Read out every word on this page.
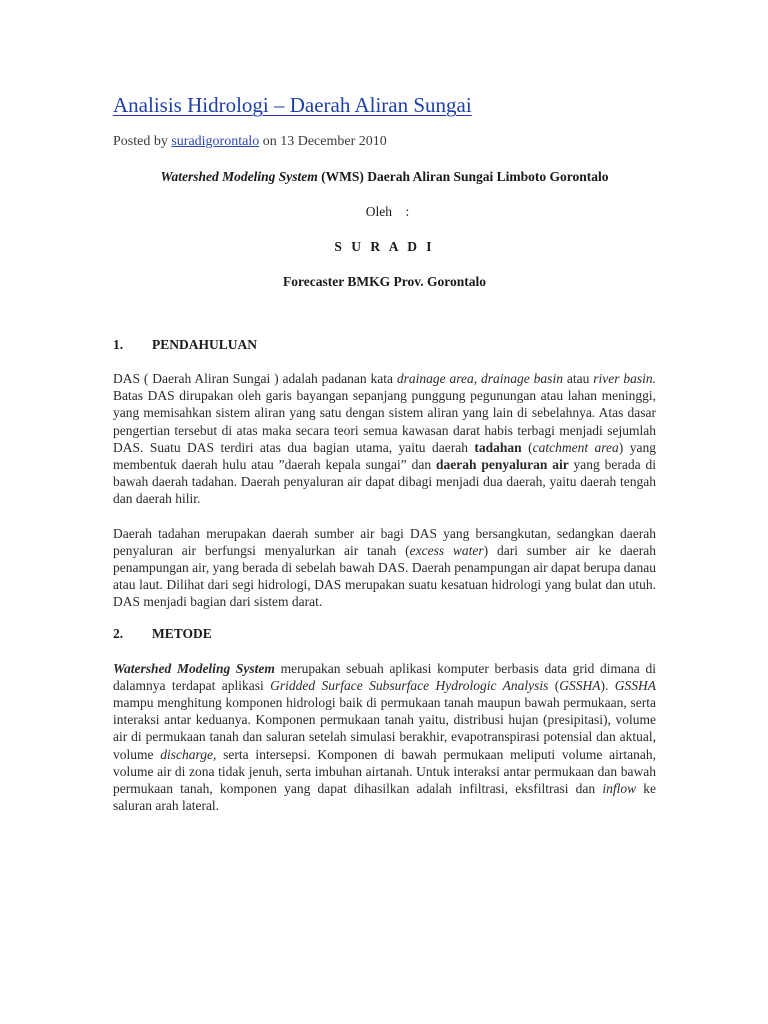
Analisis Hidrologi – Daerah Aliran Sungai
Posted by suradigorontalo on 13 December 2010
Watershed Modeling System (WMS) Daerah Aliran Sungai Limboto Gorontalo
Oleh    :
S U R A D I
Forecaster BMKG Prov. Gorontalo
1.	PENDAHULUAN

DAS ( Daerah Aliran Sungai ) adalah padanan kata drainage area, drainage basin atau river basin. Batas DAS dirupakan oleh garis bayangan sepanjang punggung pegunungan atau lahan meninggi, yang memisahkan sistem aliran yang satu dengan sistem aliran yang lain di sebelahnya. Atas dasar pengertian tersebut di atas maka secara teori semua kawasan darat habis terbagi menjadi sejumlah DAS. Suatu DAS terdiri atas dua bagian utama, yaitu daerah tadahan (catchment area) yang membentuk daerah hulu atau ”daerah kepala sungai” dan daerah penyaluran air yang berada di bawah daerah tadahan. Daerah penyaluran air dapat dibagi menjadi dua daerah, yaitu daerah tengah dan daerah hilir.

Daerah tadahan merupakan daerah sumber air bagi DAS yang bersangkutan, sedangkan daerah penyaluran air berfungsi menyalurkan air tanah (excess water) dari sumber air ke daerah penampungan air, yang berada di sebelah bawah DAS. Daerah penampungan air dapat berupa danau atau laut. Dilihat dari segi hidrologi, DAS merupakan suatu kesatuan hidrologi yang bulat dan utuh. DAS menjadi bagian dari sistem darat.

2.	METODE

Watershed Modeling System merupakan sebuah aplikasi komputer berbasis data grid dimana di dalamnya terdapat aplikasi Gridded Surface Subsurface Hydrologic Analysis (GSSHA). GSSHA mampu menghitung komponen hidrologi baik di permukaan tanah maupun bawah permukaan, serta interaksi antar keduanya. Komponen permukaan tanah yaitu, distribusi hujan (presipitasi), volume air di permukaan tanah dan saluran setelah simulasi berakhir, evapotranspirasi potensial dan aktual, volume discharge, serta intersepsi. Komponen di bawah permukaan meliputi volume airtanah, volume air di zona tidak jenuh, serta imbuhan airtanah. Untuk interaksi antar permukaan dan bawah permukaan tanah, komponen yang dapat dihasilkan adalah infiltrasi, eksfiltrasi dan inflow ke saluran arah lateral.
